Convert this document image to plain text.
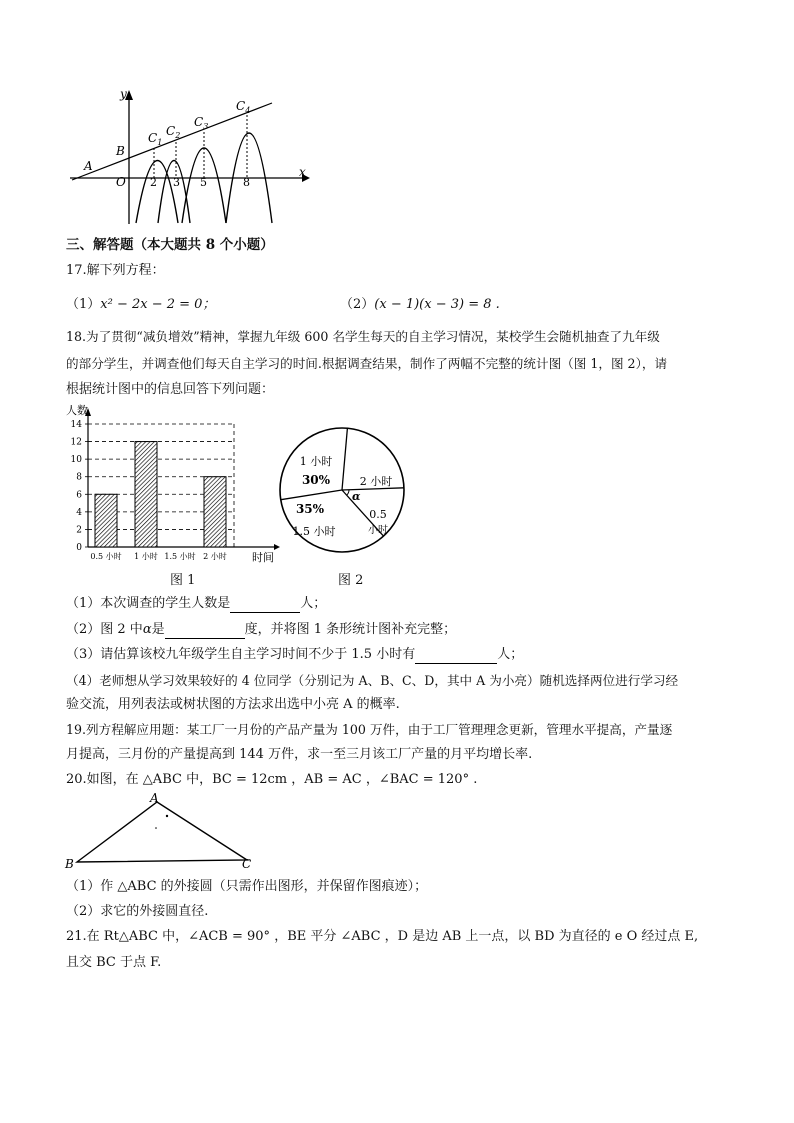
y
x
O
A
B
$C_1$
$C_2$
$C_3$
$C_4$
2 3 5	8
三、解答题（本大题共 8 个小题）
17.解下列方程：
（1）x² − 2x − 2 = 0；	（2）(x − 1)(x − 3) = 8 .
18.为了贯彻“减负增效”精神，掌握九年级 600 名学生每天的自主学习情况，某校学生会随机抽查了九年级
的部分学生，并调查他们每天自主学习的时间.根据调查结果，制作了两幅不完整的统计图（图 1，图 2），请
根据统计图中的信息回答下列问题：
0
2
4
6
8
10
12
14
人数
时间
0.5 小时 1 小时 1.5 小时 2 小时
α
1 小时
30%	2 小时
35%
1.5 小时
0.5
小时
图 1	图 2
（1）本次调查的学生人数是	人；
（2）图 2 中α是	度，并将图 1 条形统计图补充完整；
（3）请估算该校九年级学生自主学习时间不少于 1.5 小时有	人；
（4）老师想从学习效果较好的 4 位同学（分别记为 A、B、C、D，其中 A 为小亮）随机选择两位进行学习经
验交流，用列表法或树状图的方法求出选中小亮 A 的概率.
19.列方程解应用题：某工厂一月份的产品产量为 100 万件，由于工厂管理理念更新，管理水平提高，产量逐
月提高，三月份的产量提高到 144 万件，求一至三月该工厂产量的月平均增长率.
20.如图，在 △ABC 中，BC = 12cm ，AB = AC ，∠BAC = 120° .
A
B	C
（1）作 △ABC 的外接圆（只需作出图形，并保留作图痕迹）；
（2）求它的外接圆直径.
21.在 Rt△ABC 中，∠ACB = 90° ，BE 平分 ∠ABC ，D 是边 AB 上一点，以 BD 为直径的 e O 经过点 E,
且交 BC 于点 F.
